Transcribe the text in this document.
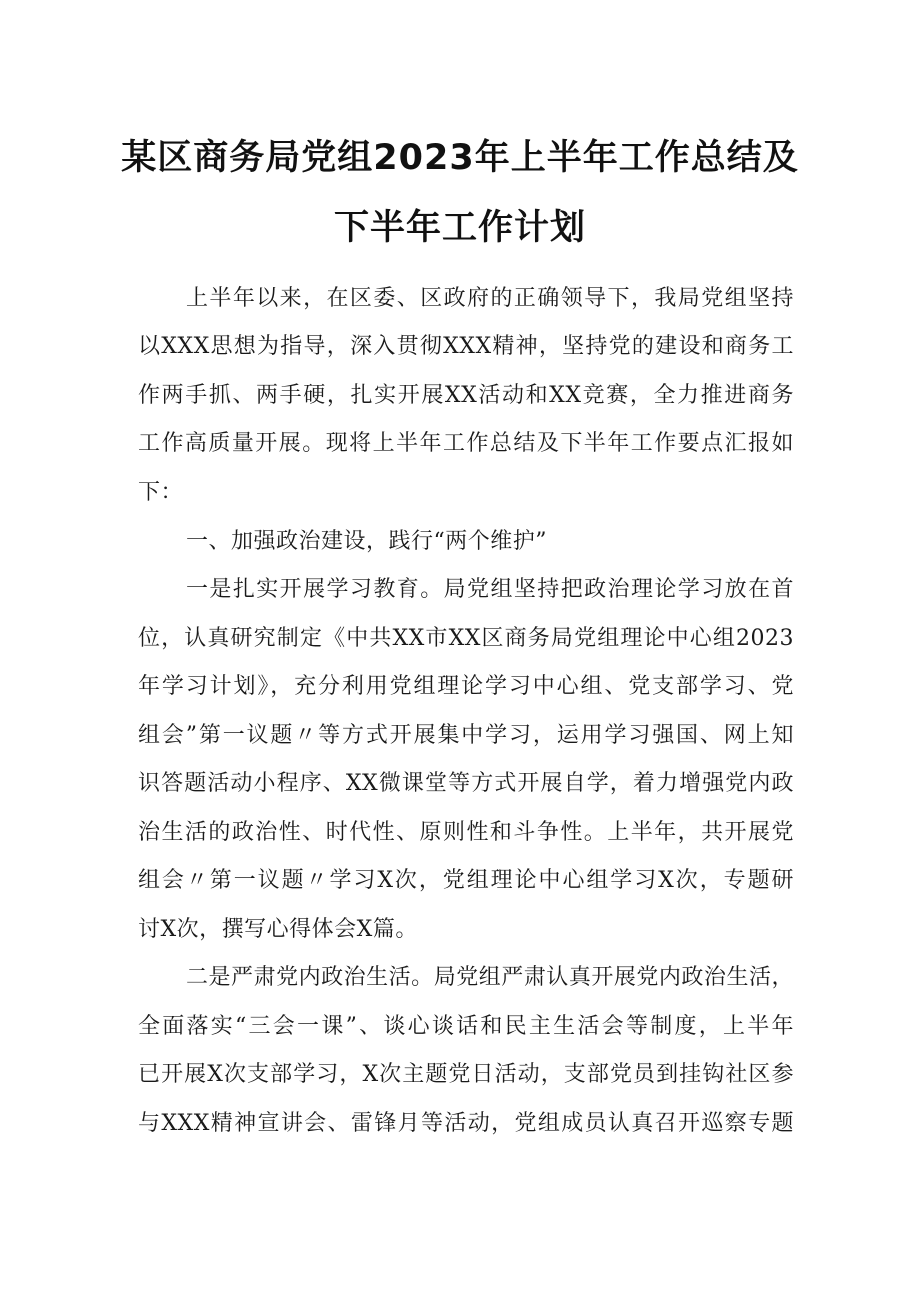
某区商务局党组2023年上半年工作总结及
下半年工作计划
上半年以来，在区委、区政府的正确领导下，我局党组坚持
以XXX思想为指导，深入贯彻XXX精神，坚持党的建设和商务工
作两手抓、两手硬，扎实开展XX活动和XX竞赛，全力推进商务
工作高质量开展。现将上半年工作总结及下半年工作要点汇报如
下：
一、加强政治建设，践行“两个维护”
一是扎实开展学习教育。局党组坚持把政治理论学习放在首
位，认真研究制定《中共XX市XX区商务局党组理论中心组2023
年学习计划》，充分利用党组理论学习中心组、党支部学习、党
组会”第一议题〃等方式开展集中学习，运用学习强国、网上知
识答题活动小程序、XX微课堂等方式开展自学，着力增强党内政
治生活的政治性、时代性、原则性和斗争性。上半年，共开展党
组会〃第一议题〃学习X次，党组理论中心组学习X次，专题研
讨X次，撰写心得体会X篇。
二是严肃党内政治生活。局党组严肃认真开展党内政治生活，
全面落实“三会一课”、谈心谈话和民主生活会等制度，上半年
已开展X次支部学习，X次主题党日活动，支部党员到挂钩社区参
与XXX精神宣讲会、雷锋月等活动，党组成员认真召开巡察专题
